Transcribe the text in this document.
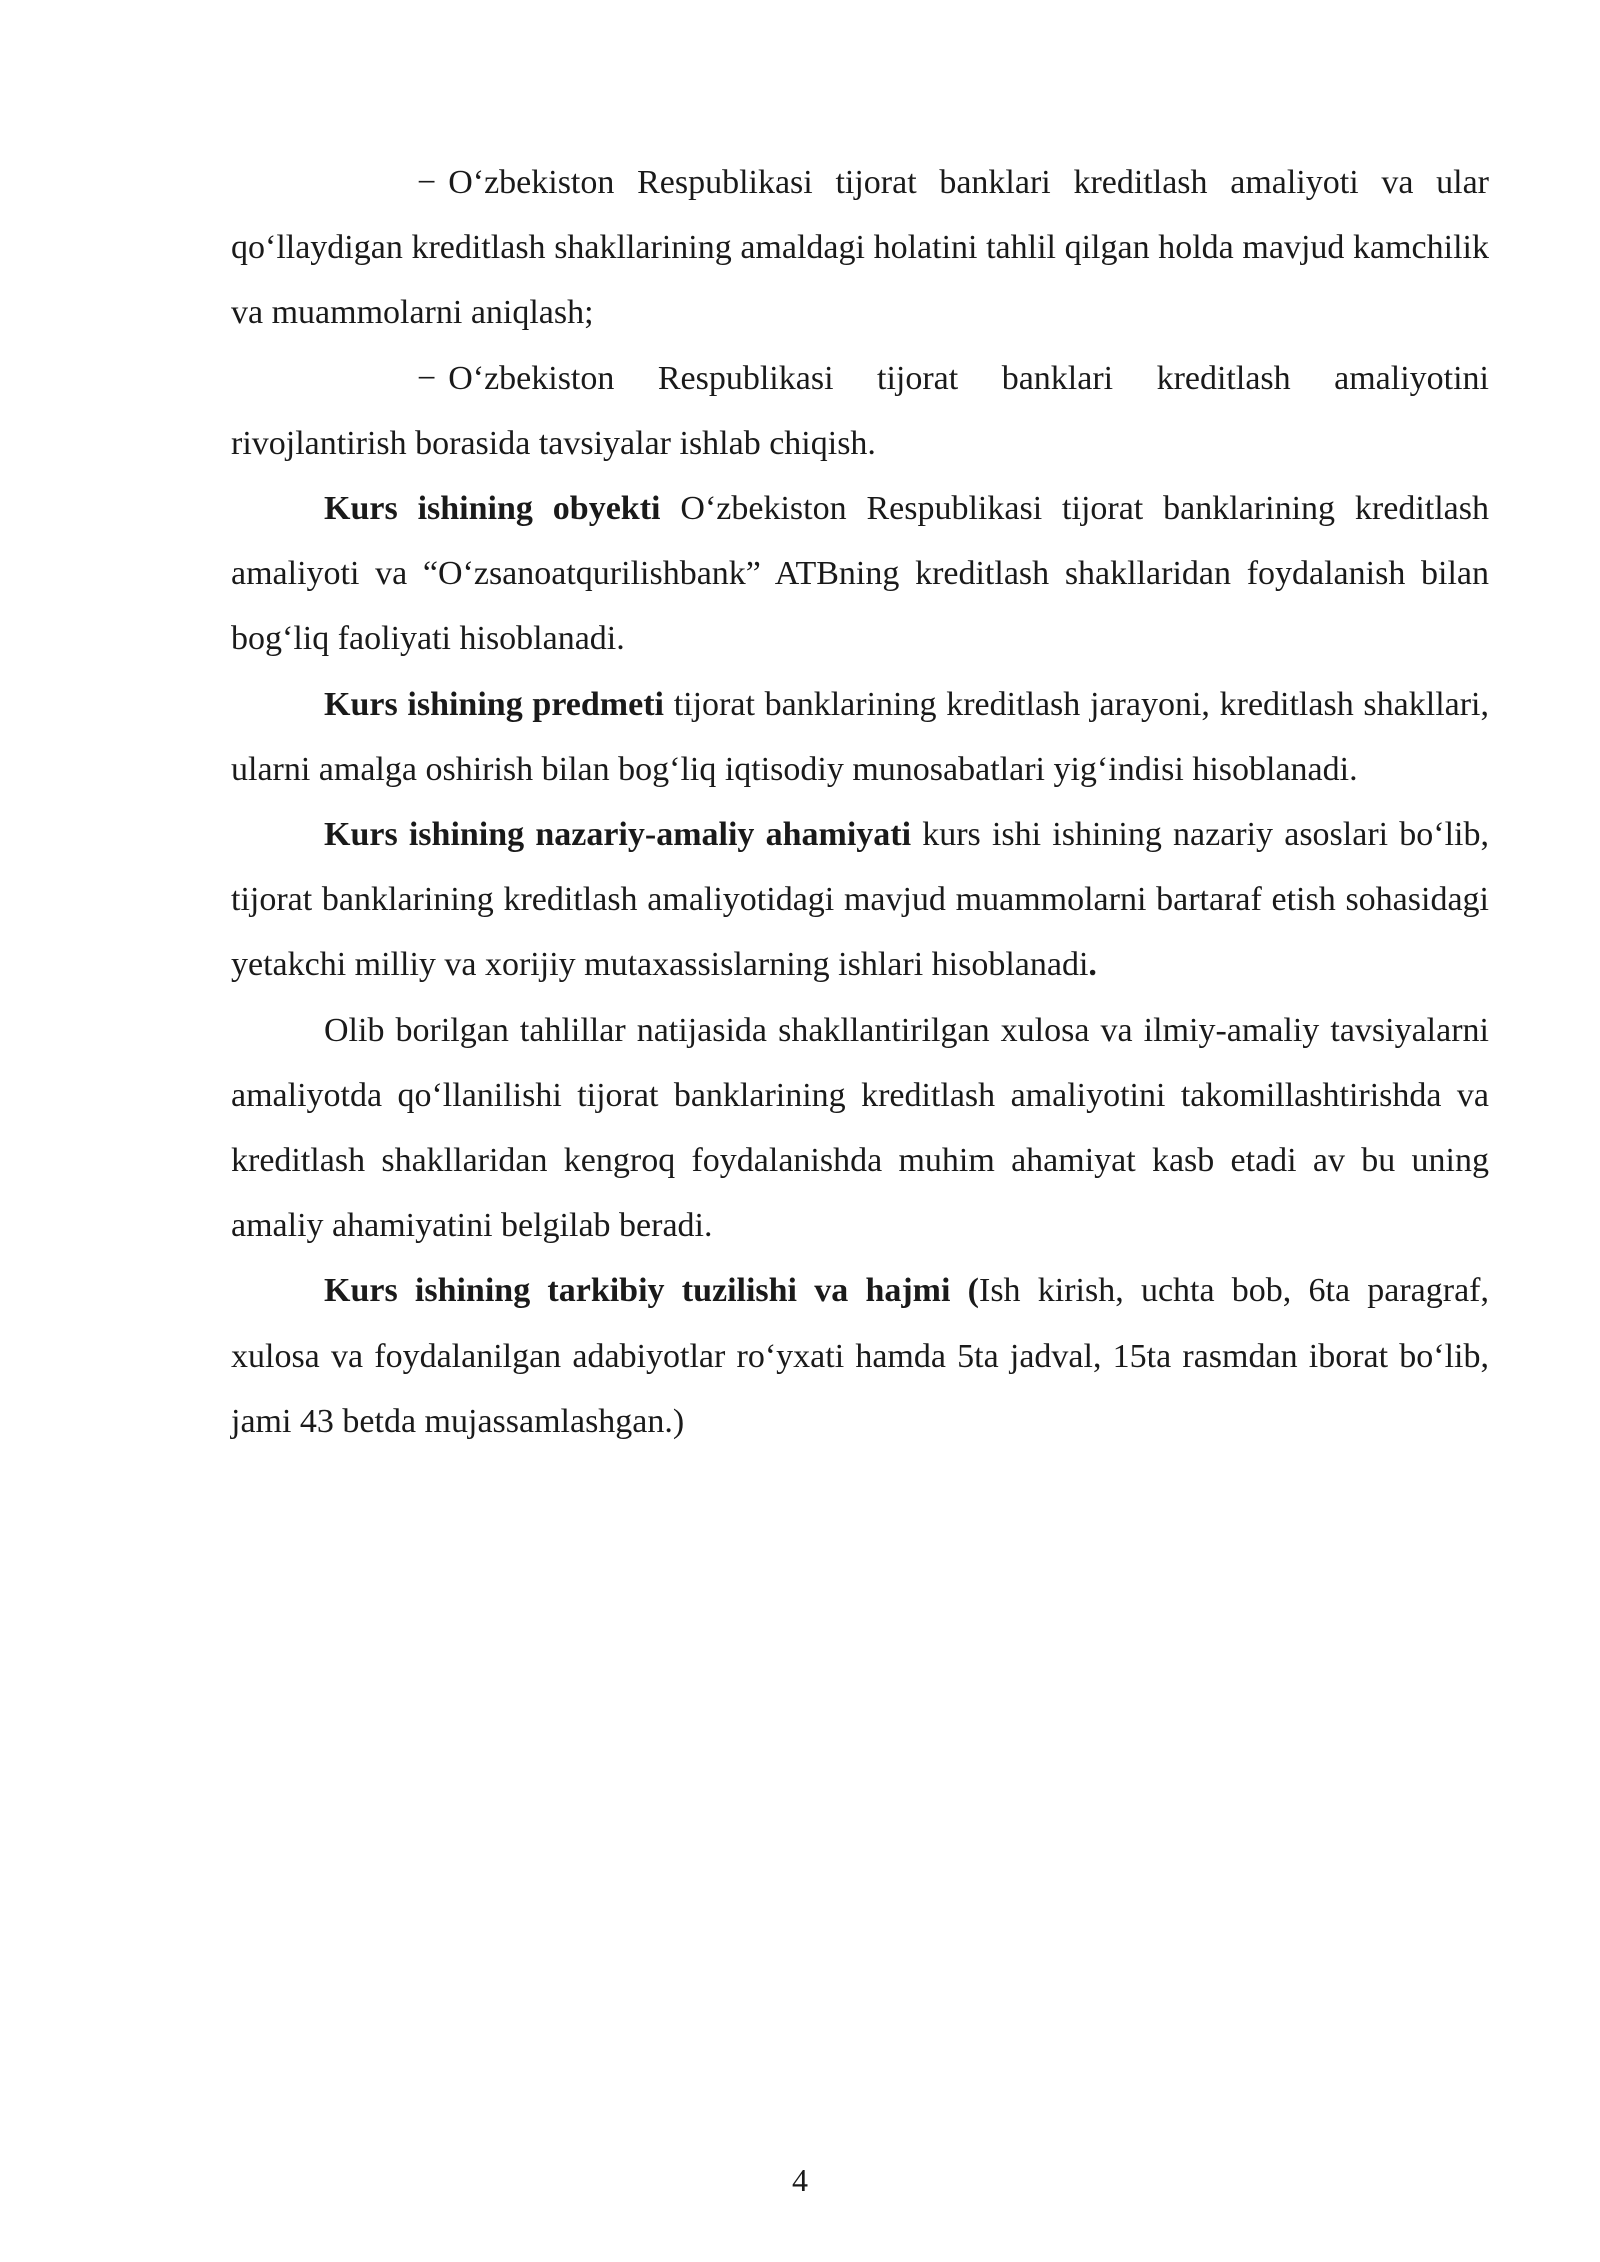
− O‘zbekiston Respublikasi tijorat banklari kreditlash amaliyoti va ular qo‘llaydigan kreditlash shakllarining amaldagi holatini tahlil qilgan holda mavjud kamchilik va muammolarni aniqlash;

− O‘zbekiston Respublikasi tijorat banklari kreditlash amaliyotini rivojlantirish borasida tavsiyalar ishlab chiqish.

Kurs ishining obyekti O‘zbekiston Respublikasi tijorat banklarining kreditlash amaliyoti va “O‘zsanoatqurilishbank” ATBning kreditlash shakllaridan foydalanish bilan bog‘liq faoliyati hisoblanadi.

Kurs ishining predmeti tijorat banklarining kreditlash jarayoni, kreditlash shakllari, ularni amalga oshirish bilan bog‘liq iqtisodiy munosabatlari yig‘indisi hisoblanadi.

Kurs ishining nazariy-amaliy ahamiyati kurs ishi ishining nazariy asoslari bo‘lib, tijorat banklarining kreditlash amaliyotidagi mavjud muammolarni bartaraf etish sohasidagi yetakchi milliy va xorijiy mutaxassislarning ishlari hisoblanadi.

Olib borilgan tahlillar natijasida shakllantirilgan xulosa va ilmiy-amaliy tavsiyalarni amaliyotda qo‘llanilishi tijorat banklarining kreditlash amaliyotini takomillashtirishda va kreditlash shakllaridan kengroq foydalanishda muhim ahamiyat kasb etadi av bu uning amaliy ahamiyatini belgilab beradi.

Kurs ishining tarkibiy tuzilishi va hajmi (Ish kirish, uchta bob, 6ta paragraf, xulosa va foydalanilgan adabiyotlar ro‘yxati hamda 5ta jadval, 15ta rasmdan iborat bo‘lib, jami 43 betda mujassamlashgan.)

4
